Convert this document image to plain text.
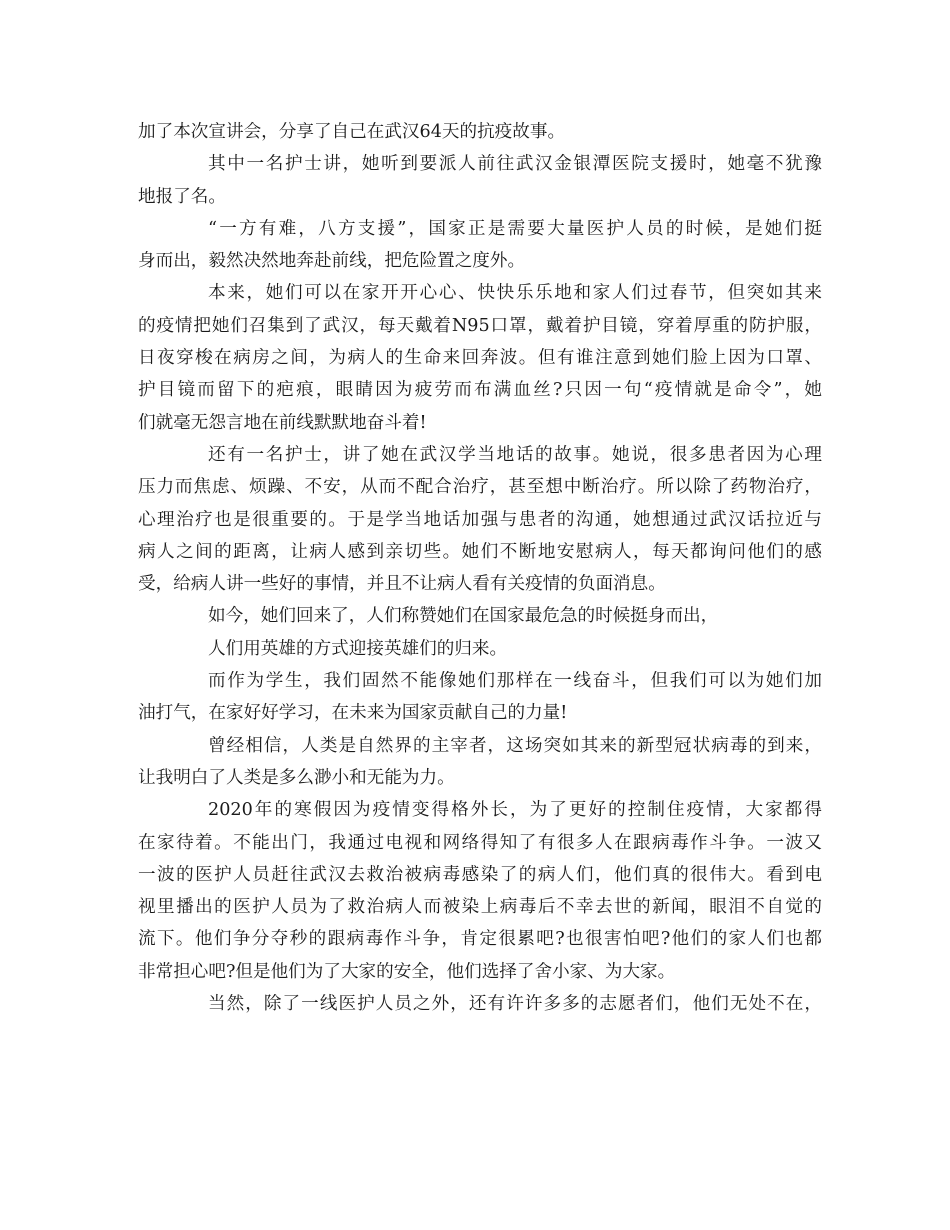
加了本次宣讲会，分享了自己在武汉64天的抗疫故事。
其中一名护士讲，她听到要派人前往武汉金银潭医院支援时，她毫不犹豫
地报了名。
“一方有难，八方支援”，国家正是需要大量医护人员的时候，是她们挺
身而出，毅然决然地奔赴前线，把危险置之度外。
本来，她们可以在家开开心心、快快乐乐地和家人们过春节，但突如其来
的疫情把她们召集到了武汉，每天戴着N95口罩，戴着护目镜，穿着厚重的防护服，
日夜穿梭在病房之间，为病人的生命来回奔波。但有谁注意到她们脸上因为口罩、
护目镜而留下的疤痕，眼睛因为疲劳而布满血丝?只因一句“疫情就是命令”，她
们就毫无怨言地在前线默默地奋斗着!
还有一名护士，讲了她在武汉学当地话的故事。她说，很多患者因为心理
压力而焦虑、烦躁、不安，从而不配合治疗，甚至想中断治疗。所以除了药物治疗，
心理治疗也是很重要的。于是学当地话加强与患者的沟通，她想通过武汉话拉近与
病人之间的距离，让病人感到亲切些。她们不断地安慰病人，每天都询问他们的感
受，给病人讲一些好的事情，并且不让病人看有关疫情的负面消息。
如今，她们回来了，人们称赞她们在国家最危急的时候挺身而出，
人们用英雄的方式迎接英雄们的归来。
而作为学生，我们固然不能像她们那样在一线奋斗，但我们可以为她们加
油打气，在家好好学习，在未来为国家贡献自己的力量!
曾经相信，人类是自然界的主宰者，这场突如其来的新型冠状病毒的到来，
让我明白了人类是多么渺小和无能为力。
2020年的寒假因为疫情变得格外长，为了更好的控制住疫情，大家都得
在家待着。不能出门，我通过电视和网络得知了有很多人在跟病毒作斗争。一波又
一波的医护人员赶往武汉去救治被病毒感染了的病人们，他们真的很伟大。看到电
视里播出的医护人员为了救治病人而被染上病毒后不幸去世的新闻，眼泪不自觉的
流下。他们争分夺秒的跟病毒作斗争，肯定很累吧?也很害怕吧?他们的家人们也都
非常担心吧?但是他们为了大家的安全，他们选择了舍小家、为大家。
当然，除了一线医护人员之外，还有许许多多的志愿者们，他们无处不在，
